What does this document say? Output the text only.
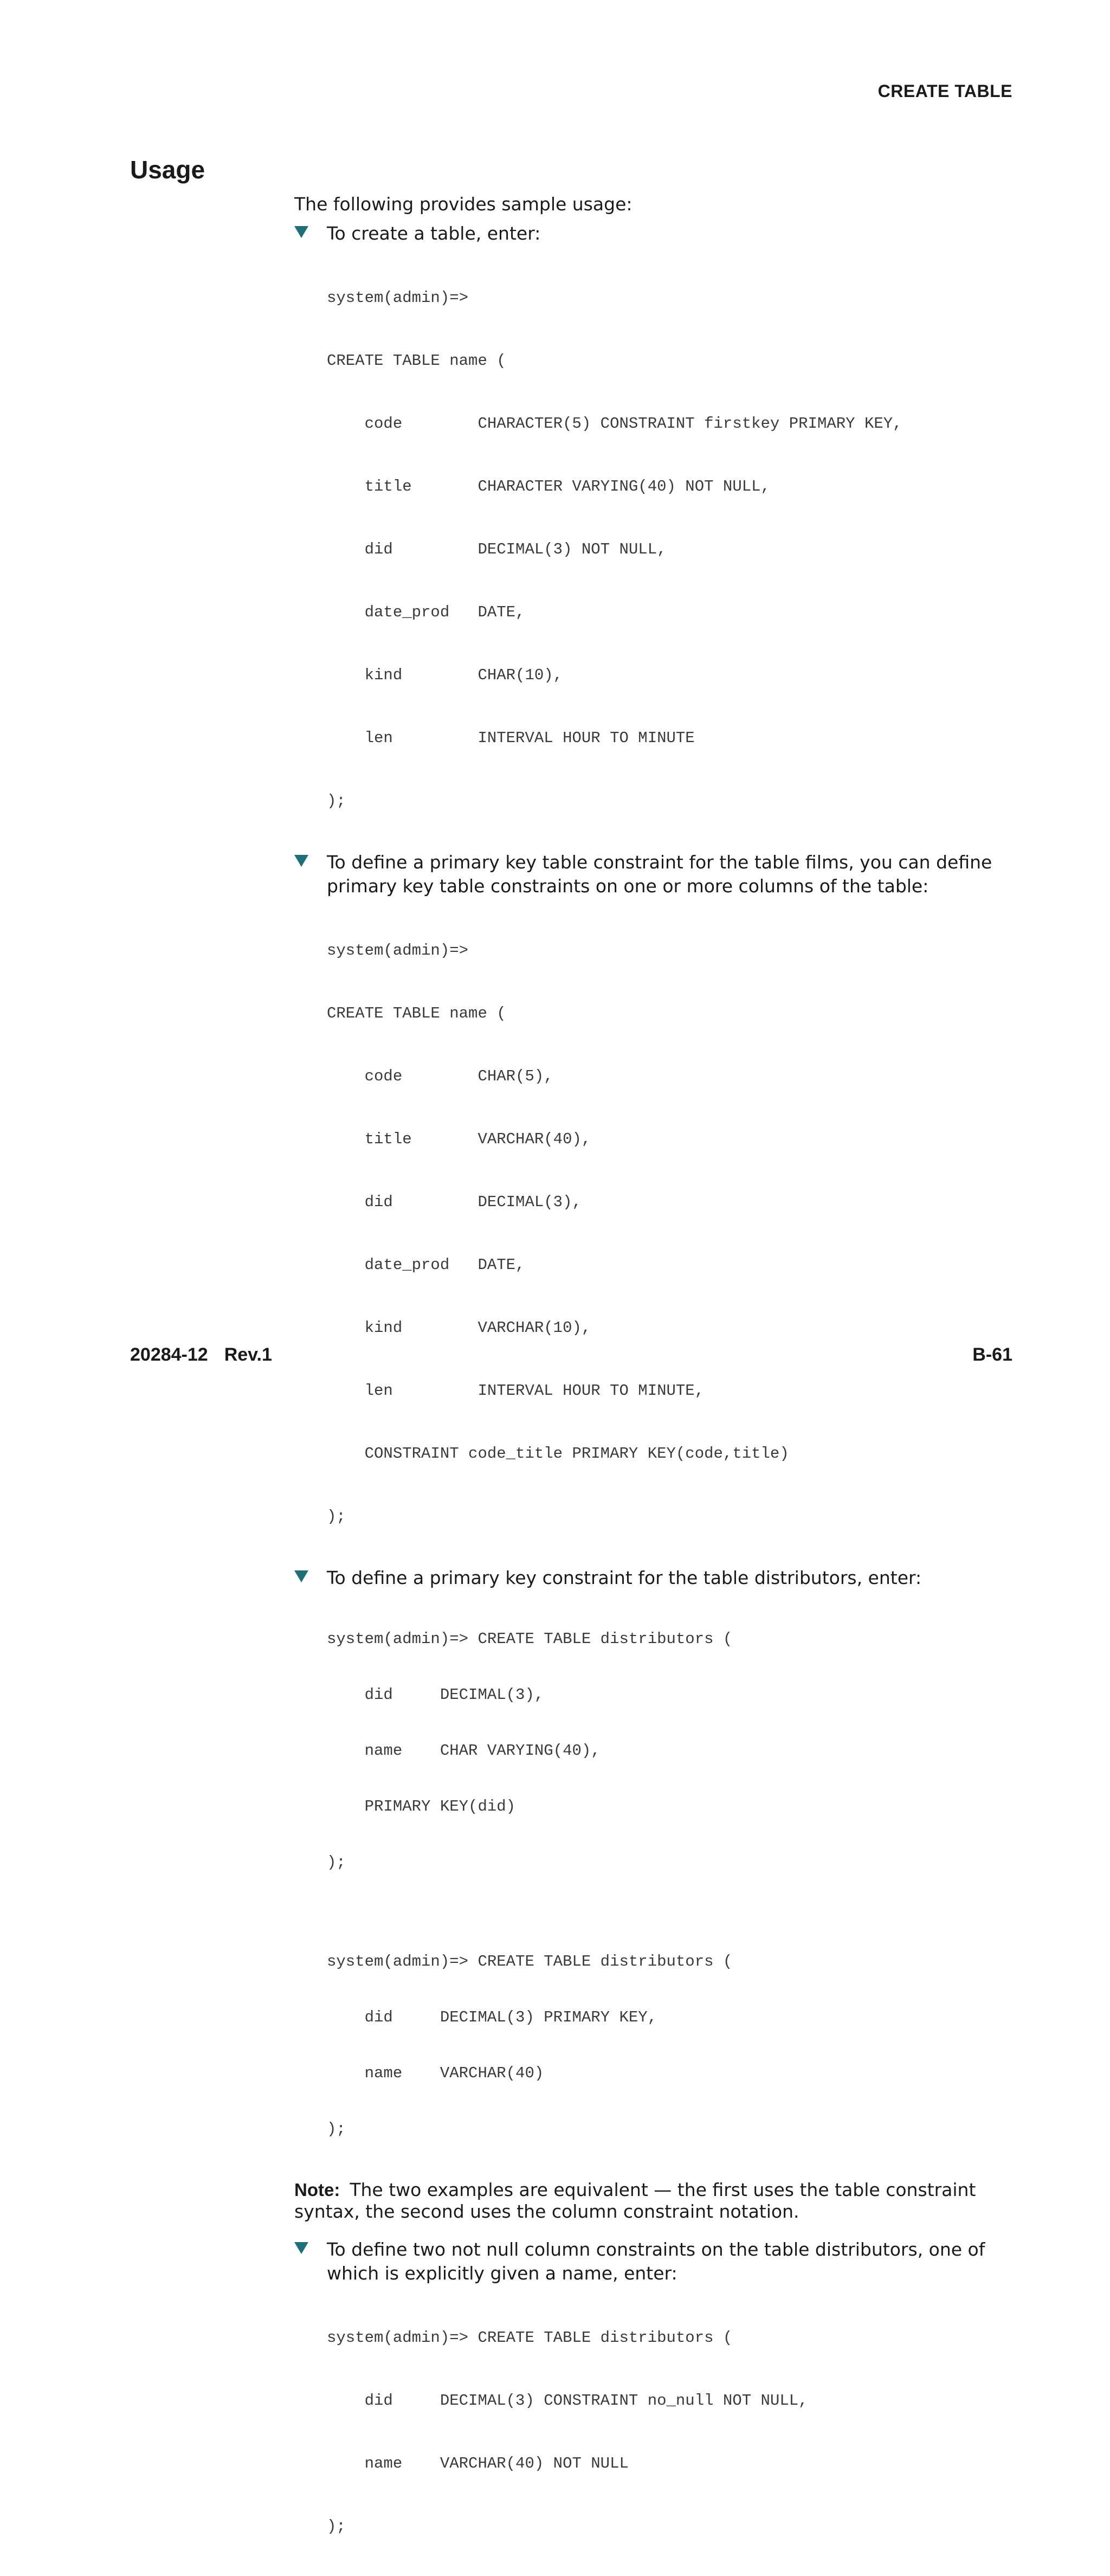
CREATE TABLE
Usage

The following provides sample usage:

To create a table, enter:

system(admin)=>

CREATE TABLE name (

code        CHARACTER(5) CONSTRAINT firstkey PRIMARY KEY,

title       CHARACTER VARYING(40) NOT NULL,

did         DECIMAL(3) NOT NULL,

date_prod   DATE,

kind        CHAR(10),

len         INTERVAL HOUR TO MINUTE

);

To define a primary key table constraint for the table films, you can define primary key table constraints on one or more columns of the table:

system(admin)=>

CREATE TABLE name (

code        CHAR(5),

title       VARCHAR(40),

did         DECIMAL(3),

date_prod   DATE,

kind        VARCHAR(10),

len         INTERVAL HOUR TO MINUTE,

CONSTRAINT code_title PRIMARY KEY(code,title)

);

To define a primary key constraint for the table distributors, enter:

system(admin)=> CREATE TABLE distributors (

did     DECIMAL(3),

name    CHAR VARYING(40),

PRIMARY KEY(did)

);

system(admin)=> CREATE TABLE distributors (

did     DECIMAL(3) PRIMARY KEY,

name    VARCHAR(40)

);

Note: The two examples are equivalent — the first uses the table constraint syntax, the second uses the column constraint notation.

To define two not null column constraints on the table distributors, one of which is explicitly given a name, enter:

system(admin)=> CREATE TABLE distributors (

did     DECIMAL(3) CONSTRAINT no_null NOT NULL,

name    VARCHAR(40) NOT NULL

);

20284-12 Rev.1	B-61
